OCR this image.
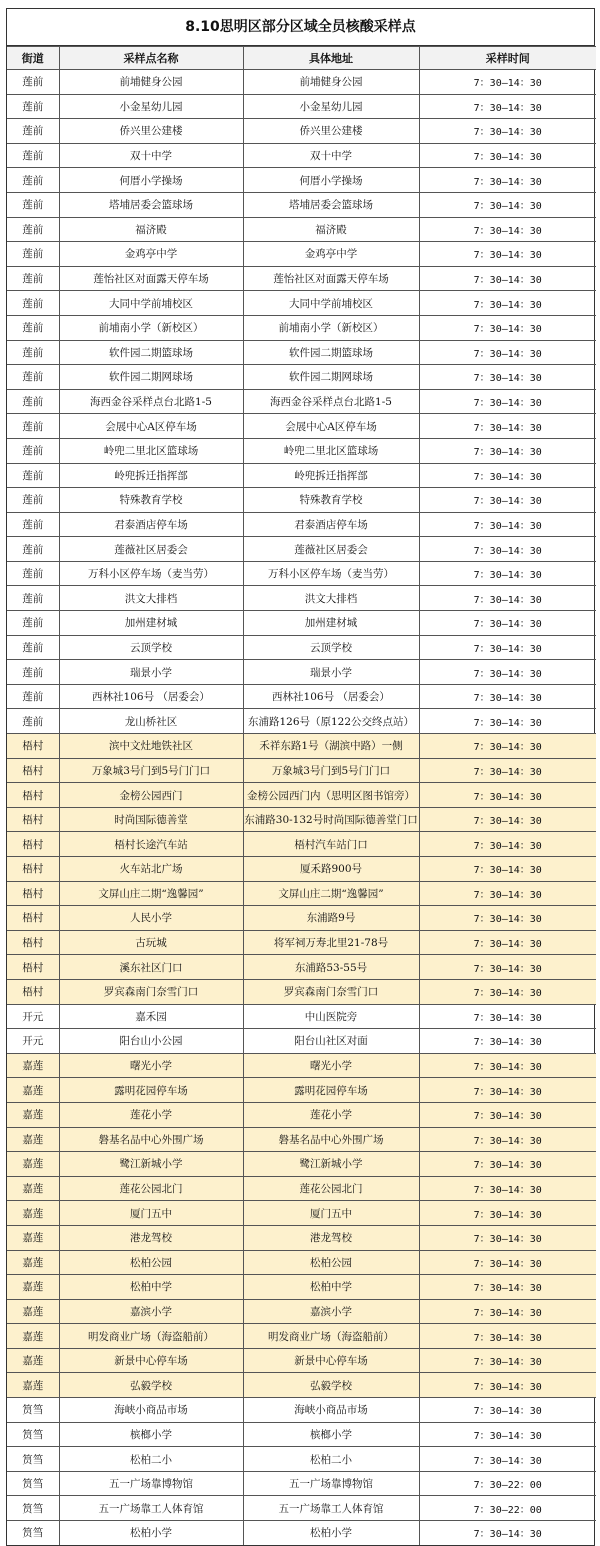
8.10思明区部分区域全员核酸采样点
街道	采样点名称	具体地址	采样时间
莲前	前埔健身公园	前埔健身公园	7：30—14：30
莲前	小金星幼儿园	小金星幼儿园	7：30—14：30
莲前	侨兴里公建楼	侨兴里公建楼	7：30—14：30
莲前	双十中学	双十中学	7：30—14：30
莲前	何厝小学操场	何厝小学操场	7：30—14：30
莲前	塔埔居委会篮球场	塔埔居委会篮球场	7：30—14：30
莲前	福济殿	福济殿	7：30—14：30
莲前	金鸡亭中学	金鸡亭中学	7：30—14：30
莲前	莲怡社区对面露天停车场	莲怡社区对面露天停车场	7：30—14：30
莲前	大同中学前埔校区	大同中学前埔校区	7：30—14：30
莲前	前埔南小学（新校区）	前埔南小学（新校区）	7：30—14：30
莲前	软件园二期篮球场	软件园二期篮球场	7：30—14：30
莲前	软件园二期网球场	软件园二期网球场	7：30—14：30
莲前	海西金谷采样点台北路1-5	海西金谷采样点台北路1-5	7：30—14：30
莲前	会展中心A区停车场	会展中心A区停车场	7：30—14：30
莲前	岭兜二里北区篮球场	岭兜二里北区篮球场	7：30—14：30
莲前	岭兜拆迁指挥部	岭兜拆迁指挥部	7：30—14：30
莲前	特殊教育学校	特殊教育学校	7：30—14：30
莲前	君泰酒店停车场	君泰酒店停车场	7：30—14：30
莲前	莲薇社区居委会	莲薇社区居委会	7：30—14：30
莲前	万科小区停车场（麦当劳）	万科小区停车场（麦当劳）	7：30—14：30
莲前	洪文大排档	洪文大排档	7：30—14：30
莲前	加州建材城	加州建材城	7：30—14：30
莲前	云顶学校	云顶学校	7：30—14：30
莲前	瑞景小学	瑞景小学	7：30—14：30
莲前	西林社106号 （居委会）	西林社106号 （居委会）	7：30—14：30
莲前	龙山桥社区	东浦路126号（原122公交终点站）	7：30—14：30
梧村	滨中文灶地铁社区	禾祥东路1号（湖滨中路）一侧	7：30—14：30
梧村	万象城3号门到5号门门口	万象城3号门到5号门门口	7：30—14：30
梧村	金榜公园西门	金榜公园西门内（思明区图书馆旁）	7：30—14：30
梧村	时尚国际德善堂	东浦路30-132号时尚国际德善堂门口	7：30—14：30
梧村	梧村长途汽车站	梧村汽车站门口	7：30—14：30
梧村	火车站北广场	厦禾路900号	7：30—14：30
梧村	文屏山庄二期“逸馨园”	文屏山庄二期“逸馨园”	7：30—14：30
梧村	人民小学	东浦路9号	7：30—14：30
梧村	古玩城	将军祠万寿北里21-78号	7：30—14：30
梧村	溪东社区门口	东浦路53-55号	7：30—14：30
梧村	罗宾森南门奈雪门口	罗宾森南门奈雪门口	7：30—14：30
开元	嘉禾园	中山医院旁	7：30—14：30
开元	阳台山小公园	阳台山社区对面	7：30—14：30
嘉莲	曙光小学	曙光小学	7：30—14：30
嘉莲	露明花园停车场	露明花园停车场	7：30—14：30
嘉莲	莲花小学	莲花小学	7：30—14：30
嘉莲	磐基名品中心外围广场	磐基名品中心外围广场	7：30—14：30
嘉莲	鹭江新城小学	鹭江新城小学	7：30—14：30
嘉莲	莲花公园北门	莲花公园北门	7：30—14：30
嘉莲	厦门五中	厦门五中	7：30—14：30
嘉莲	港龙驾校	港龙驾校	7：30—14：30
嘉莲	松柏公园	松柏公园	7：30—14：30
嘉莲	松柏中学	松柏中学	7：30—14：30
嘉莲	嘉滨小学	嘉滨小学	7：30—14：30
嘉莲	明发商业广场（海盗船前）	明发商业广场（海盗船前）	7：30—14：30
嘉莲	新景中心停车场	新景中心停车场	7：30—14：30
嘉莲	弘毅学校	弘毅学校	7：30—14：30
筼筜	海峡小商品市场	海峡小商品市场	7：30—14：30
筼筜	槟榔小学	槟榔小学	7：30—14：30
筼筜	松柏二小	松柏二小	7：30—14：30
筼筜	五一广场靠博物馆	五一广场靠博物馆	7：30—22：00
筼筜	五一广场靠工人体育馆	五一广场靠工人体育馆	7：30—22：00
筼筜	松柏小学	松柏小学	7：30—14：30
